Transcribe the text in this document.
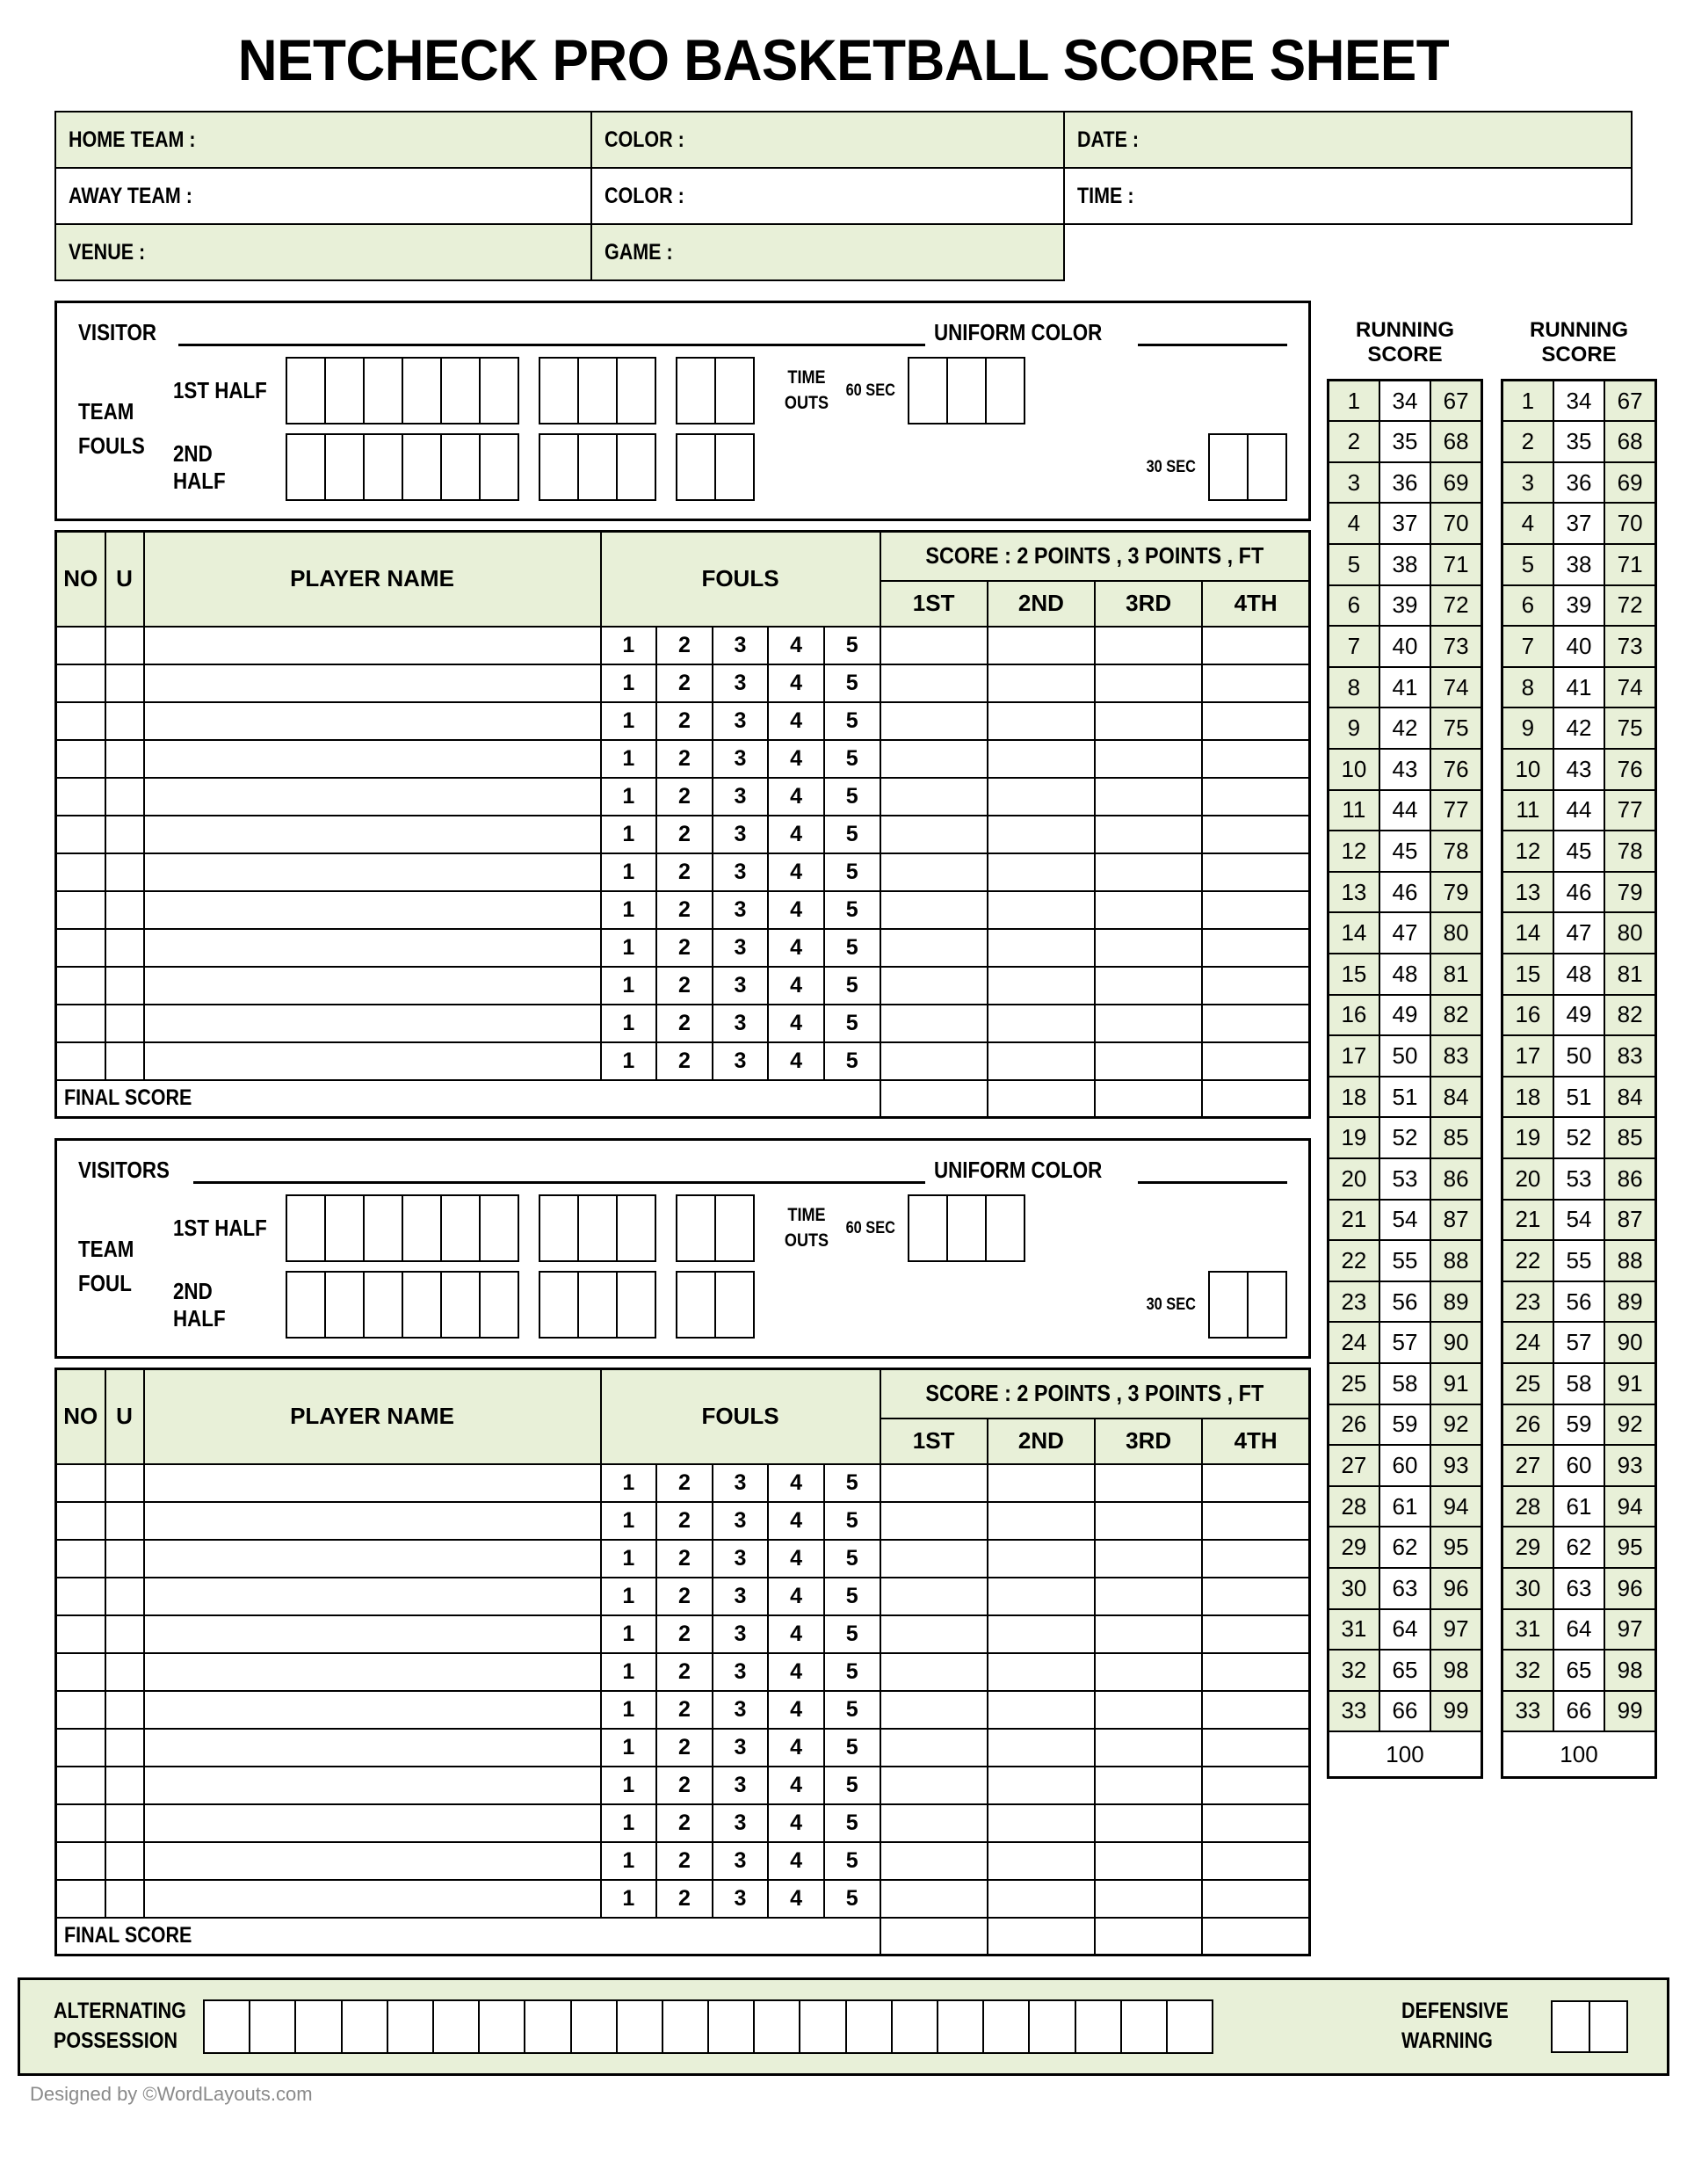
NETCHECK PRO BASKETBALL SCORE SHEET
HOME TEAM :	COLOR :	DATE :
AWAY TEAM :	COLOR :	TIME :
VENUE :	GAME :	
VISITOR	UNIFORM COLOR
TEAM
FOULS
1ST HALF	TIME
OUTS
60 SEC
2ND HALF
30 SEC
NO	U	PLAYER NAME	FOULS					SCORE : 2 POINTS , 3 POINTS , FT			
								1ST	2ND	3RD	4TH
			1	2	3	4	5				
			1	2	3	4	5				
			1	2	3	4	5				
			1	2	3	4	5				
			1	2	3	4	5				
			1	2	3	4	5				
			1	2	3	4	5				
			1	2	3	4	5				
			1	2	3	4	5				
			1	2	3	4	5				
			1	2	3	4	5				
			1	2	3	4	5				
FINAL SCORE											
VISITORS	UNIFORM COLOR
TEAM
FOUL
1ST HALF	TIME
OUTS
60 SEC
2ND HALF
30 SEC
NO	U	PLAYER NAME	FOULS					SCORE : 2 POINTS , 3 POINTS , FT			
								1ST	2ND	3RD	4TH
			1	2	3	4	5				
			1	2	3	4	5				
			1	2	3	4	5				
			1	2	3	4	5				
			1	2	3	4	5				
			1	2	3	4	5				
			1	2	3	4	5				
			1	2	3	4	5				
			1	2	3	4	5				
			1	2	3	4	5				
			1	2	3	4	5				
			1	2	3	4	5				
FINAL SCORE											
RUNNING
SCORE
1	34	67
2	35	68
3	36	69
4	37	70
5	38	71
6	39	72
7	40	73
8	41	74
9	42	75
10	43	76
11	44	77
12	45	78
13	46	79
14	47	80
15	48	81
16	49	82
17	50	83
18	51	84
19	52	85
20	53	86
21	54	87
22	55	88
23	56	89
24	57	90
25	58	91
26	59	92
27	60	93
28	61	94
29	62	95
30	63	96
31	64	97
32	65	98
33	66	99
100		
RUNNING
SCORE
1	34	67
2	35	68
3	36	69
4	37	70
5	38	71
6	39	72
7	40	73
8	41	74
9	42	75
10	43	76
11	44	77
12	45	78
13	46	79
14	47	80
15	48	81
16	49	82
17	50	83
18	51	84
19	52	85
20	53	86
21	54	87
22	55	88
23	56	89
24	57	90
25	58	91
26	59	92
27	60	93
28	61	94
29	62	95
30	63	96
31	64	97
32	65	98
33	66	99
100		
ALTERNATING
POSSESSION
DEFENSIVE
WARNING
Designed by ©WordLayouts.com
